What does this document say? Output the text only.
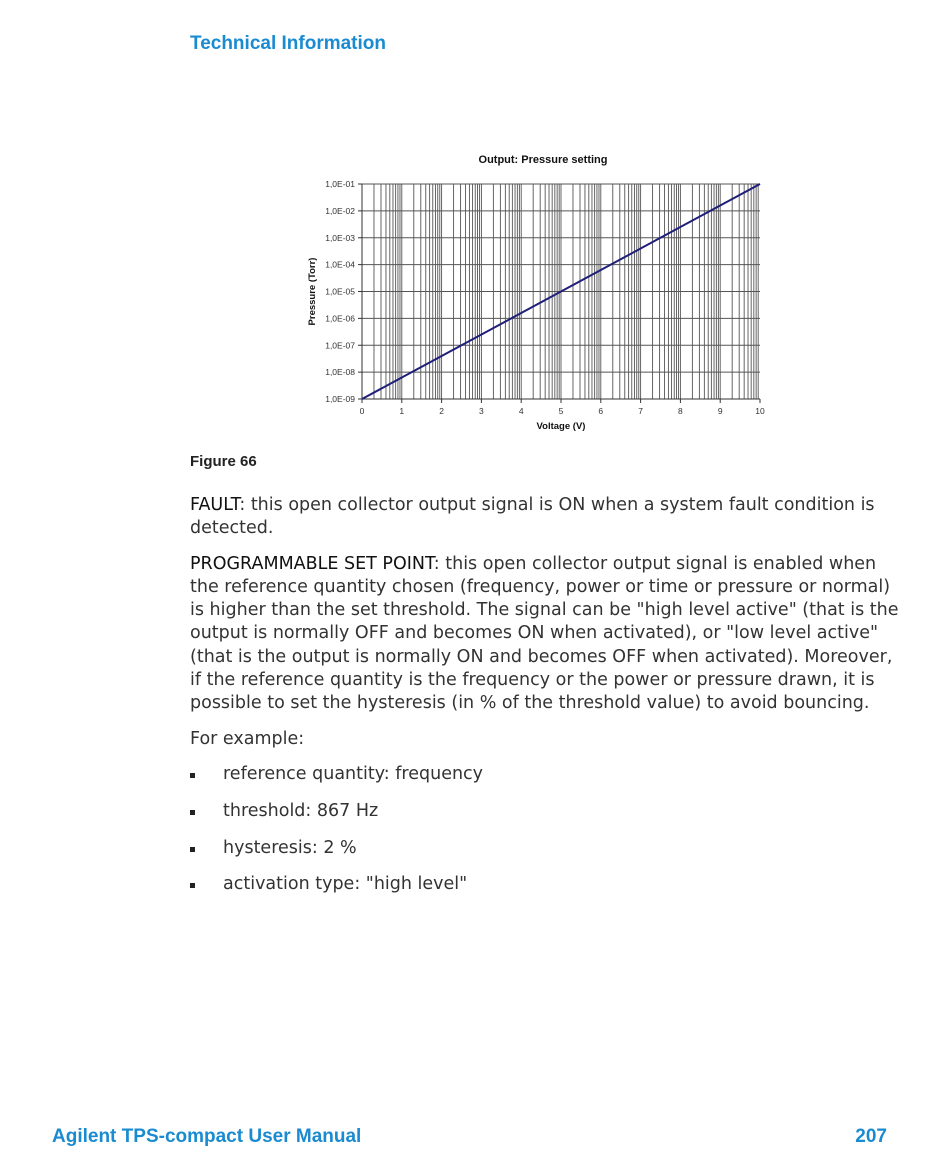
Technical Information
1,0E-01
1,0E-02
1,0E-03
1,0E-04
1,0E-05
1,0E-06
1,0E-07
1,0E-08
1,0E-09
0	1	2	3	4	5	6	7	8	9	10
Output: Pressure setting
Voltage (V)
Pressure (Torr)
Figure 66

FAULT: this open collector output signal is ON when a system fault condition is detected.

PROGRAMMABLE SET POINT: this open collector output signal is enabled when the reference quantity chosen (frequency, power or time or pressure or normal) is higher than the set threshold. The signal can be "high level active" (that is the output is normally OFF and becomes ON when activated), or "low level active" (that is the output is normally ON and becomes OFF when activated). Moreover, if the reference quantity is the frequency or the power or pressure drawn, it is possible to set the hysteresis (in % of the threshold value) to avoid bouncing.

For example:

reference quantity: frequency
threshold: 867 Hz
hysteresis: 2 %
activation type: "high level"
Agilent TPS-compact User Manual	207
